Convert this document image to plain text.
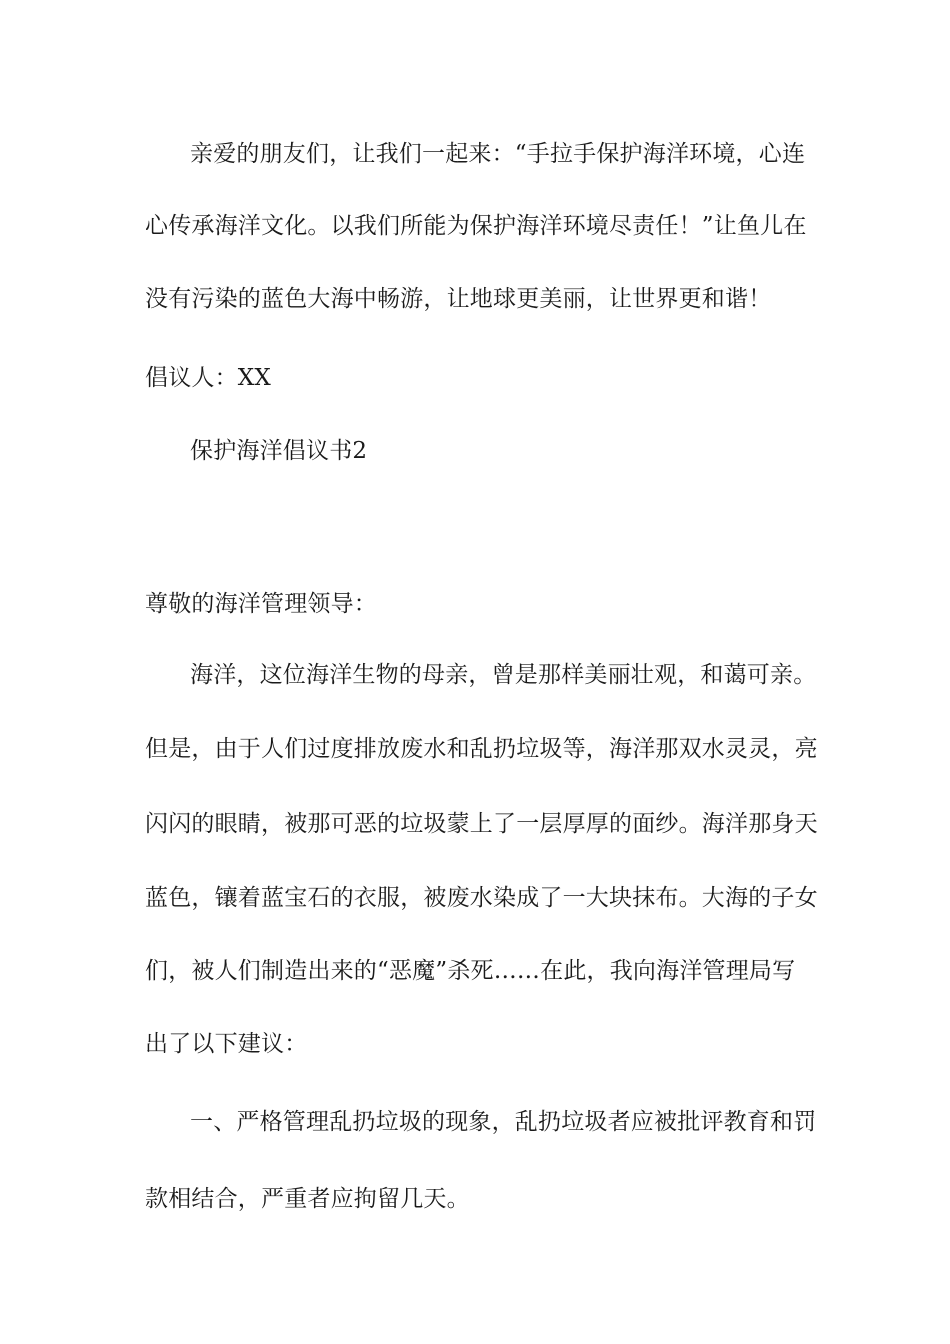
亲爱的朋友们，让我们一起来：“手拉手保护海洋环境，心连

心传承海洋文化。以我们所能为保护海洋环境尽责任！”让鱼儿在

没有污染的蓝色大海中畅游，让地球更美丽，让世界更和谐！

倡议人：XX

保护海洋倡议书2

尊敬的海洋管理领导：

海洋，这位海洋生物的母亲，曾是那样美丽壮观，和蔼可亲。

但是，由于人们过度排放废水和乱扔垃圾等，海洋那双水灵灵，亮

闪闪的眼睛，被那可恶的垃圾蒙上了一层厚厚的面纱。海洋那身天

蓝色，镶着蓝宝石的衣服，被废水染成了一大块抹布。大海的子女

们，被人们制造出来的“恶魔”杀死……在此，我向海洋管理局写

出了以下建议：

一、严格管理乱扔垃圾的现象，乱扔垃圾者应被批评教育和罚

款相结合，严重者应拘留几天。
